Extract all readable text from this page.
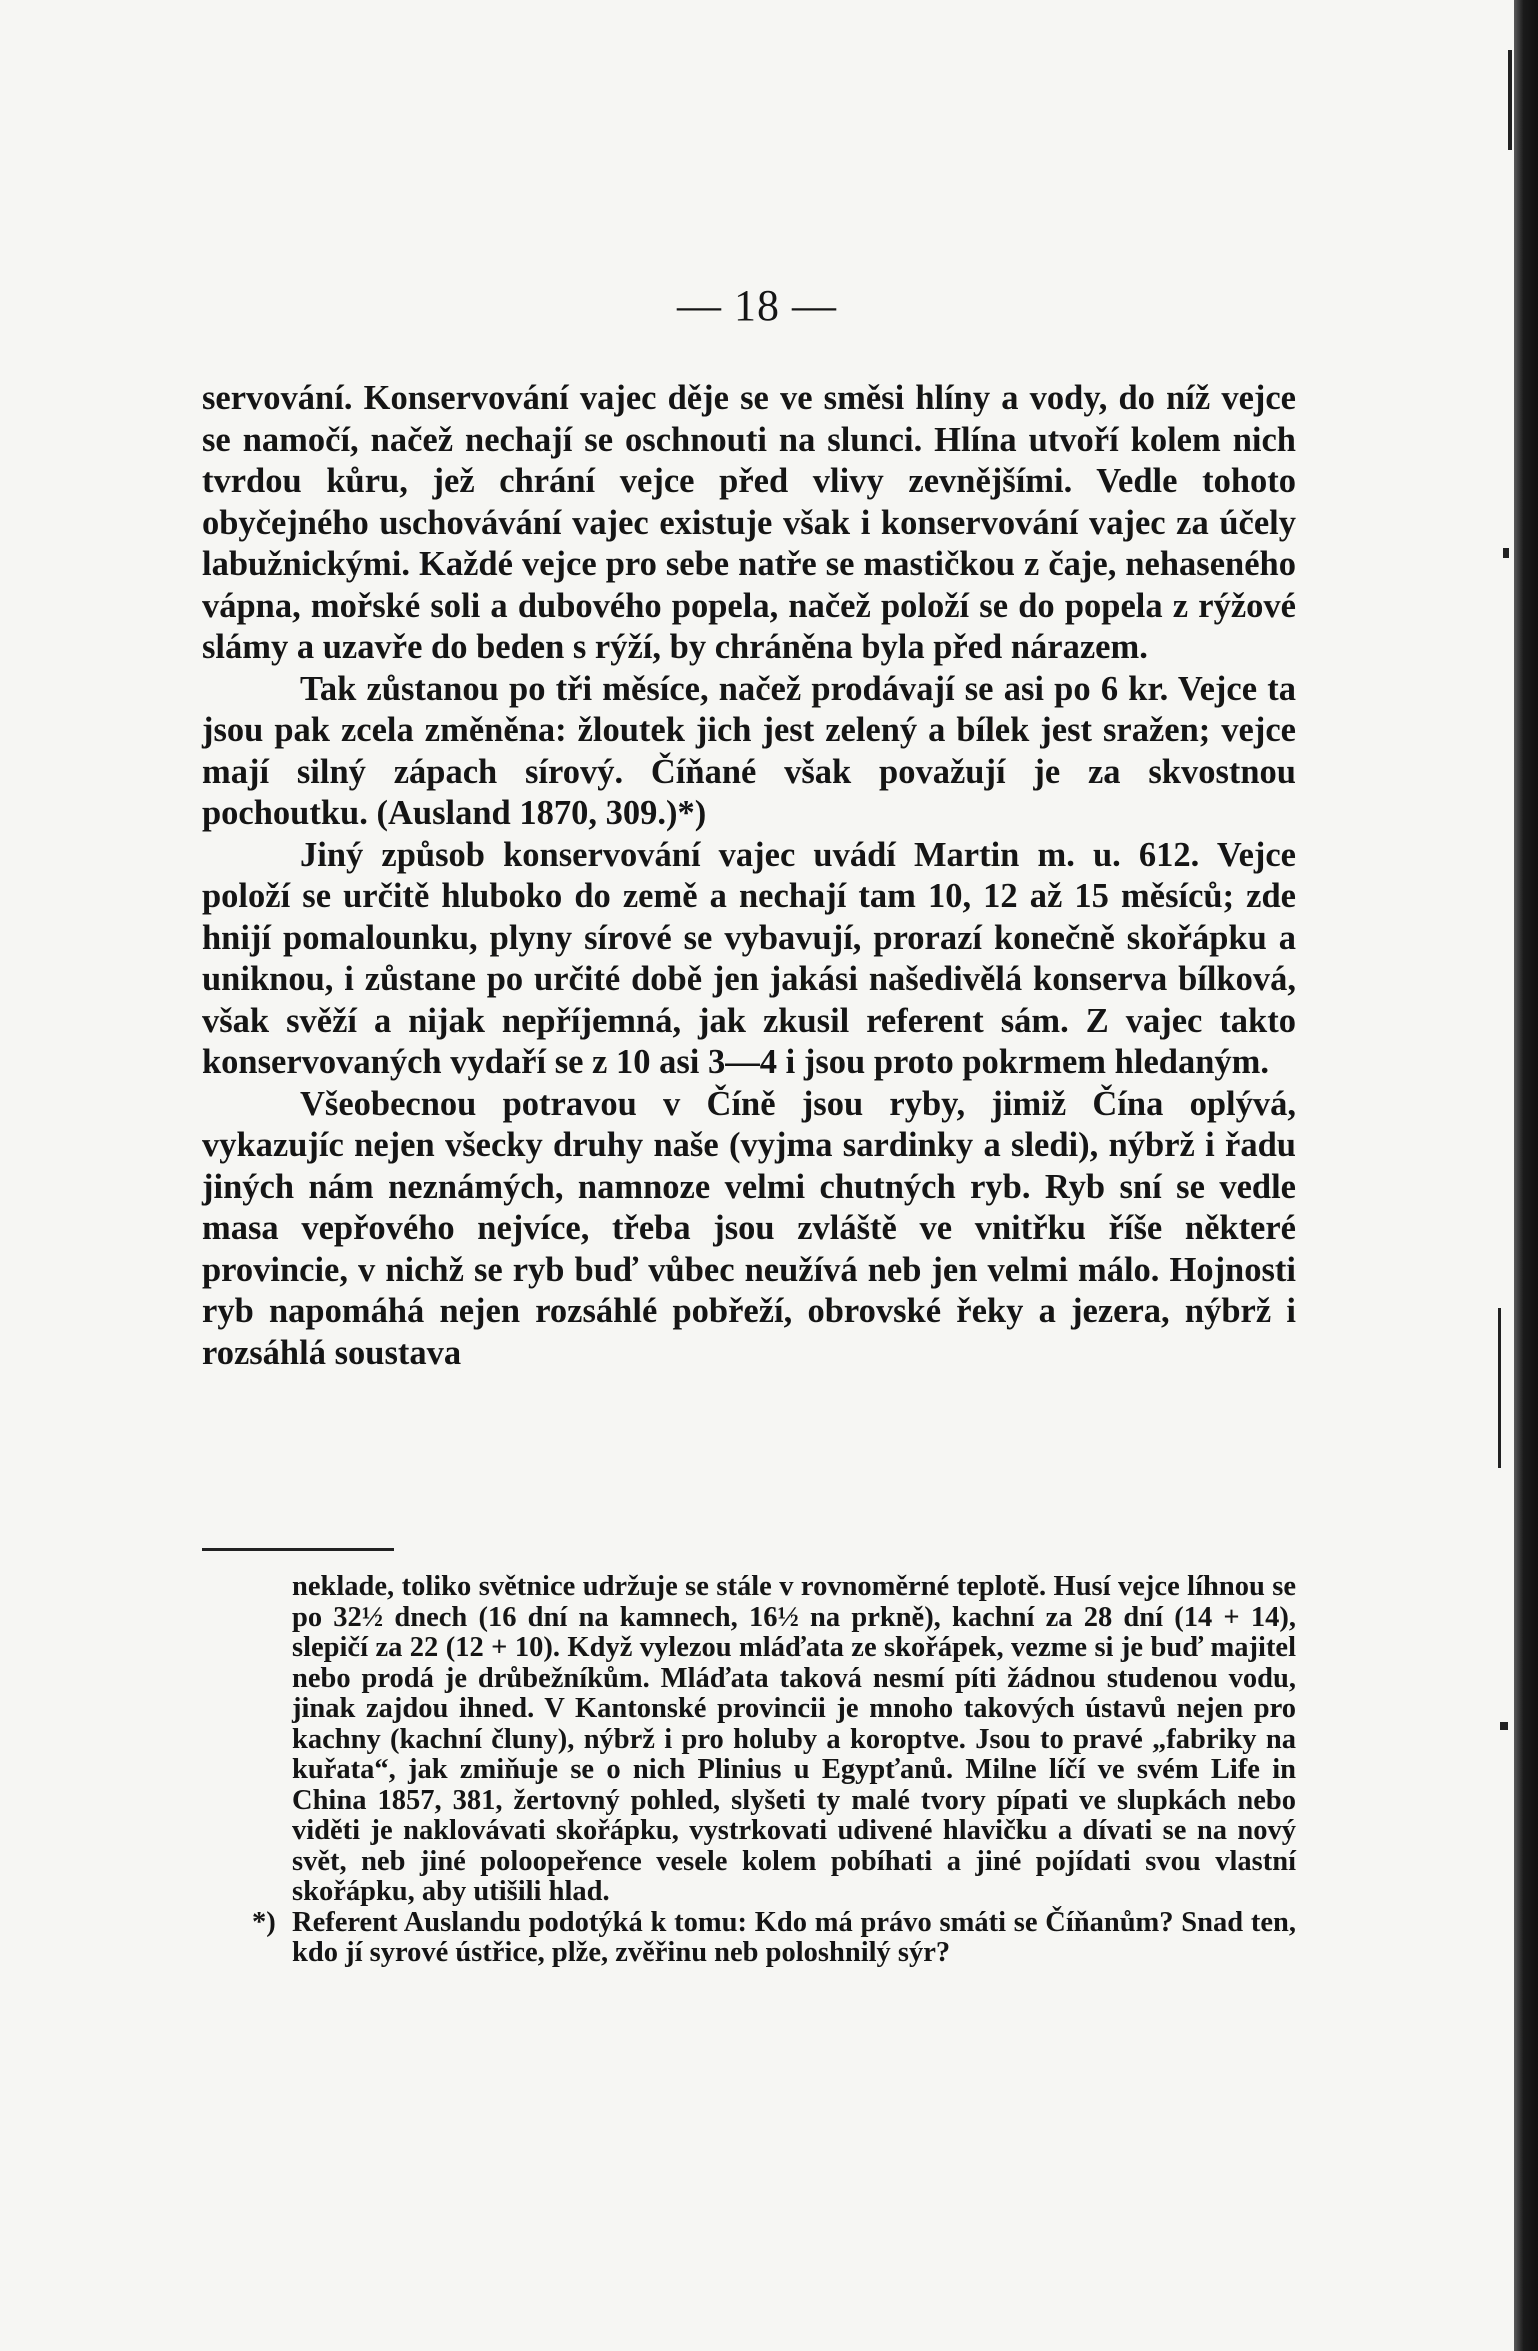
— 18 —

servování. Konservování vajec děje se ve směsi hlíny a vody, do níž vejce se namočí, načež nechají se oschnouti na slunci. Hlína utvoří kolem nich tvrdou kůru, jež chrání vejce před vlivy zevnějšími. Vedle tohoto obyčejného uschovávání vajec existuje však i konservování vajec za účely labužnickými. Každé vejce pro sebe natře se mastičkou z čaje, nehaseného vápna, mořské soli a dubového popela, načež položí se do popela z rýžové slámy a uzavře do beden s rýží, by chráněna byla před nárazem.

Tak zůstanou po tři měsíce, načež prodávají se asi po 6 kr. Vejce ta jsou pak zcela změněna: žloutek jich jest zelený a bílek jest sražen; vejce mají silný zápach sírový. Číňané však považují je za skvostnou pochoutku. (Ausland 1870, 309.)*)

Jiný způsob konservování vajec uvádí Martin m. u. 612. Vejce položí se určitě hluboko do země a nechají tam 10, 12 až 15 měsíců; zde hnijí pomalounku, plyny sírové se vybavují, prorazí konečně skořápku a uniknou, i zůstane po určité době jen jakási našedivělá konserva bílková, však svěží a nijak nepříjemná, jak zkusil referent sám. Z vajec takto konservovaných vydaří se z 10 asi 3—4 i jsou proto pokrmem hledaným.

Všeobecnou potravou v Číně jsou ryby, jimiž Čína oplývá, vykazujíc nejen všecky druhy naše (vyjma sardinky a sledi), nýbrž i řadu jiných nám neznámých, namnoze velmi chutných ryb. Ryb sní se vedle masa vepřového nejvíce, třeba jsou zvláště ve vnitřku říše některé provincie, v nichž se ryb buď vůbec neužívá neb jen velmi málo. Hojnosti ryb napomáhá nejen rozsáhlé pobřeží, obrovské řeky a jezera, nýbrž i rozsáhlá soustava

neklade, toliko světnice udržuje se stále v rovnoměrné teplotě. Husí vejce líhnou se po 32½ dnech (16 dní na kamnech, 16½ na prkně), kachní za 28 dní (14 + 14), slepičí za 22 (12 + 10). Když vylezou mláďata ze skořápek, vezme si je buď majitel nebo prodá je drůbežníkům. Mláďata taková nesmí píti žádnou studenou vodu, jinak zajdou ihned. V Kantonské provincii je mnoho takových ústavů nejen pro kachny (kachní čluny), nýbrž i pro holuby a koroptve. Jsou to pravé „fabriky na kuřata“, jak zmiňuje se o nich Plinius u Egypťanů. Milne líčí ve svém Life in China 1857, 381, žertovný pohled, slyšeti ty malé tvory pípati ve slupkách nebo viděti je naklovávati skořápku, vystrkovati udivené hlavičku a dívati se na nový svět, neb jiné poloopeřence vesele kolem pobíhati a jiné pojídati svou vlastní skořápku, aby utišili hlad.

*) Referent Auslandu podotýká k tomu: Kdo má právo smáti se Číňanům? Snad ten, kdo jí syrové ústřice, plže, zvěřinu neb poloshnilý sýr?
